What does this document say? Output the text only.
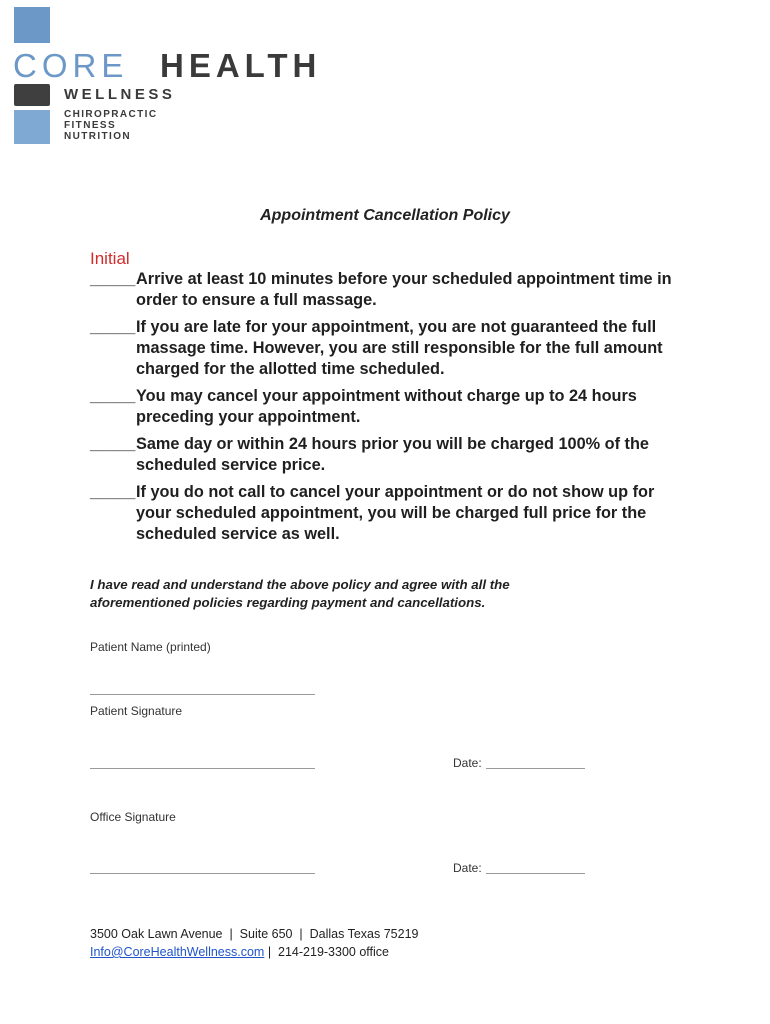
CORE HEALTH
WELLNESS
CHIROPRACTIC
FITNESS
NUTRITION
Appointment Cancellation Policy
Initial
_____ Arrive at least 10 minutes before your scheduled appointment time in order to ensure a full massage.
_____ If you are late for your appointment, you are not guaranteed the full massage time. However, you are still responsible for the full amount charged for the allotted time scheduled.
_____ You may cancel your appointment without charge up to 24 hours preceding your appointment.
_____ Same day or within 24 hours prior you will be charged 100% of the scheduled service price.
_____ If you do not call to cancel your appointment or do not show up for your scheduled appointment, you will be charged full price for the scheduled service as well.
I have read and understand the above policy and agree with all the aforementioned policies regarding payment and cancellations.
Patient Name (printed)
Patient Signature
Date:
Office Signature
Date:
3500 Oak Lawn Avenue  |  Suite 650  |  Dallas Texas 75219
Info@CoreHealthWellness.com |  214-219-3300 office
